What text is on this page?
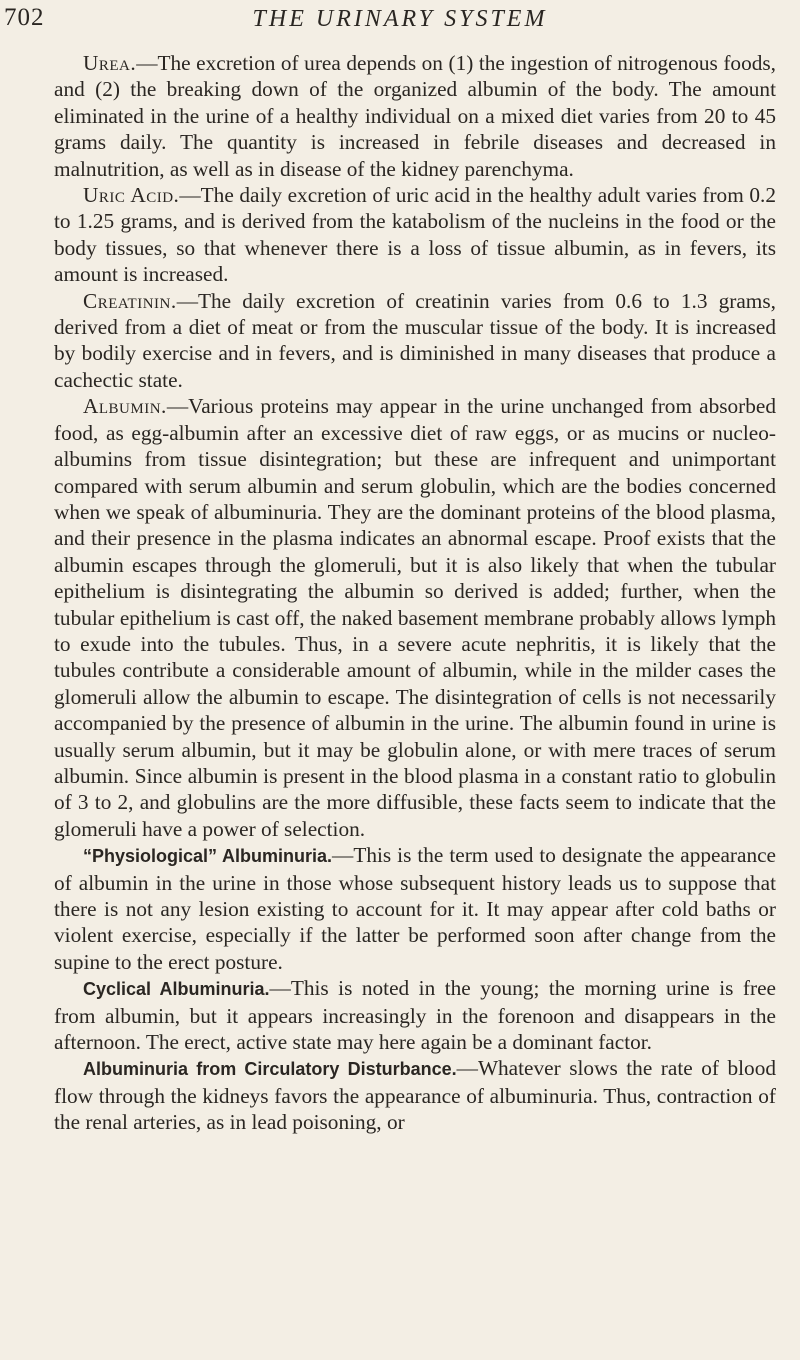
702	THE URINARY SYSTEM

Urea.—The excretion of urea depends on (1) the ingestion of nitrogenous foods, and (2) the breaking down of the organized albumin of the body. The amount eliminated in the urine of a healthy individual on a mixed diet varies from 20 to 45 grams daily. The quantity is increased in febrile diseases and decreased in malnutrition, as well as in disease of the kidney parenchyma.

Uric Acid.—The daily excretion of uric acid in the healthy adult varies from 0.2 to 1.25 grams, and is derived from the katabolism of the nucleins in the food or the body tissues, so that whenever there is a loss of tissue albumin, as in fevers, its amount is increased.

Creatinin.—The daily excretion of creatinin varies from 0.6 to 1.3 grams, derived from a diet of meat or from the muscular tissue of the body. It is increased by bodily exercise and in fevers, and is diminished in many diseases that produce a cachectic state.

Albumin.—Various proteins may appear in the urine unchanged from absorbed food, as egg-albumin after an excessive diet of raw eggs, or as mucins or nucleo-albumins from tissue disintegration; but these are infrequent and unimportant compared with serum albumin and serum globulin, which are the bodies concerned when we speak of albuminuria. They are the dominant proteins of the blood plasma, and their presence in the plasma indicates an abnormal escape. Proof exists that the albumin escapes through the glomeruli, but it is also likely that when the tubular epithelium is disintegrating the albumin so derived is added; further, when the tubular epithelium is cast off, the naked basement membrane probably allows lymph to exude into the tubules. Thus, in a severe acute nephritis, it is likely that the tubules contribute a considerable amount of albumin, while in the milder cases the glomeruli allow the albumin to escape. The disintegration of cells is not necessarily accompanied by the presence of albumin in the urine. The albumin found in urine is usually serum albumin, but it may be globulin alone, or with mere traces of serum albumin. Since albumin is present in the blood plasma in a constant ratio to globulin of 3 to 2, and globulins are the more diffusible, these facts seem to indicate that the glomeruli have a power of selection.

“Physiological” Albuminuria.—This is the term used to designate the appearance of albumin in the urine in those whose subsequent history leads us to suppose that there is not any lesion existing to account for it. It may appear after cold baths or violent exercise, especially if the latter be performed soon after change from the supine to the erect posture.

Cyclical Albuminuria.—This is noted in the young; the morning urine is free from albumin, but it appears increasingly in the forenoon and disappears in the afternoon. The erect, active state may here again be a dominant factor.

Albuminuria from Circulatory Disturbance.—Whatever slows the rate of blood flow through the kidneys favors the appearance of albuminuria. Thus, contraction of the renal arteries, as in lead poisoning, or
